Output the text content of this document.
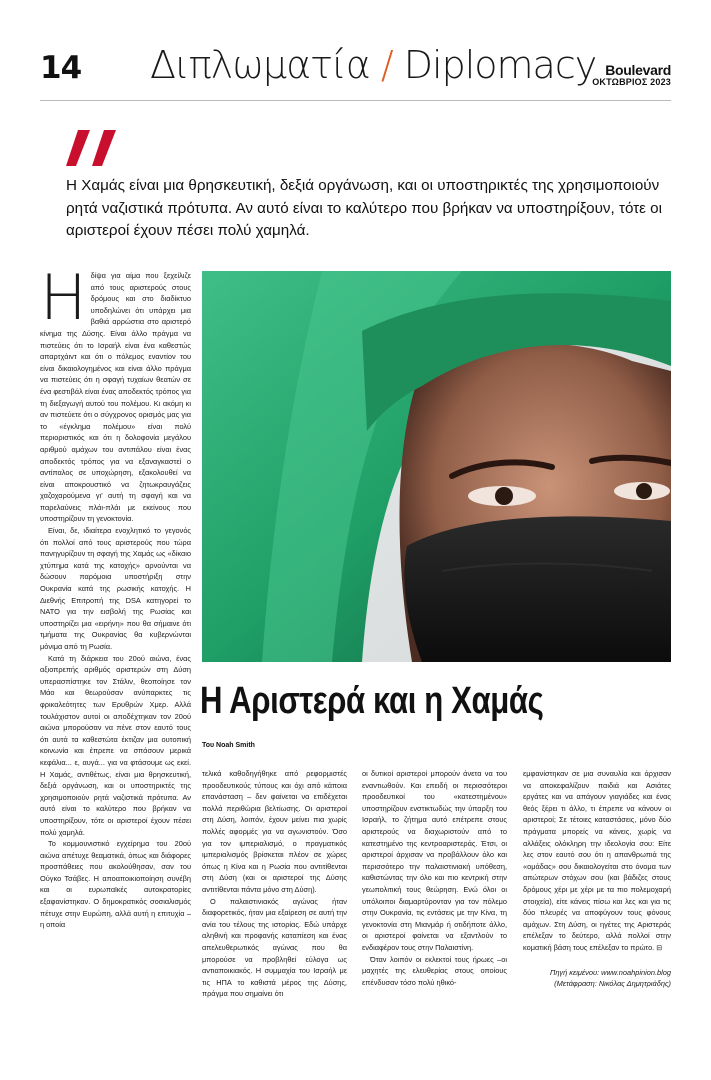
14 Διπλωματία / Diplomacy Boulevard
ΟΚΤΩΒΡΙΟΣ 2023
Η Χαμάς είναι μια θρησκευτική, δεξιά οργάνωση, και οι υποστηρικτές της χρησιμοποιούν ρητά ναζιστικά πρότυπα. Αν αυτό είναι το καλύτερο που βρήκαν να υποστηρίξουν, τότε οι αριστεροί έχουν πέσει πολύ χαμηλά.
Η Αριστερά και η Χαμάς
Του Noah Smith

Ηδίψα για αίμα που ξεχείλιζε από τους αριστερούς στους δρόμους και στο διαδίκτυο υποδηλώνει ότι υπάρχει μια βαθιά αρρώστια στο αριστερό κίνημα της Δύσης. Είναι άλλο πράγμα να πιστεύεις ότι το Ισραήλ είναι ένα καθεστώς απαρτχάιντ και ότι ο πόλεμος εναντίον του είναι δικαιολογημένος και είναι άλλο πράγμα να πιστεύεις ότι η σφαγή τυχαίων θεατών σε ένα φεστιβάλ είναι ένας αποδεκτός τρόπος για τη διεξαγωγή αυτού του πολέμου. Κι ακόμη κι αν πιστεύετε ότι ο σύγχρονος ορισμός μας για το «έγκλημα πολέμου» είναι πολύ περιοριστικός και ότι η δολοφονία μεγάλου αριθμού αμάχων του αντιπάλου είναι ένας αποδεκτός τρόπος για να εξαναγκαστεί ο αντίπαλος σε υποχώρηση, εξακολουθεί να είναι αποκρουστικό να ζητωκραυγάζεις χαζοχαρούμενα γι' αυτή τη σφαγή και να παρελαύνεις πλάι-πλάι με εκείνους που υποστηρίζουν τη γενοκτονία.

Είναι, δε, ιδιαίτερα ενοχλητικό το γεγονός ότι πολλοί από τους αριστερούς που τώρα πανηγυρίζουν τη σφαγή της Χαμάς ως «δίκαιο χτύπημα κατά της κατοχής» αρνούνται να δώσουν παρόμοια υποστήριξη στην Ουκρανία κατά της ρωσικής κατοχής. Η Διεθνής Επιτροπή της DSA κατηγορεί το ΝΑΤΟ για την εισβολή της Ρωσίας και υποστηρίζει μια «ειρήνη» που θα σήμαινε ότι τμήματα της Ουκρανίας θα κυβερνώνται μόνιμα από τη Ρωσία.

Κατά τη διάρκεια του 20ού αιώνα, ένας αξιοπρεπής αριθμός αριστερών στη Δύση υπερασπίστηκε τον Στάλιν, θεοποίησε τον Μάο και θεωρούσαν ανύπαρκτες τις φρικαλεότητες των Ερυθρών Χμερ. Αλλά τουλάχιστον αυτοί οι αποδέχτηκαν τον 20ού αιώνα μπορούσαν να πένε στον εαυτό τους ότι αυτά τα καθεστώτα έκτιζαν μια ουτοπική κοινωνία και έπρεπε να σπάσουν μερικά κεφάλια... ε, αυγά... για να φτάσουμε ως εκεί. Η Χαμάς, αντιθέτως, είναι μια θρησκευτική, δεξιά οργάνωση, και οι υποστηρικτές της χρησιμοποιούν ρητά ναζιστικά πρότυπα. Αν αυτό είναι το καλύτερο που βρήκαν να υποστηρίξουν, τότε οι αριστεροί έχουν πέσει πολύ χαμηλά.

Το κομμουνιστικό εγχείρημα του 20ού αιώνα απέτυχε θεαματικά, όπως και διάφορες προσπάθειες που ακολούθησαν, σαν του Ούγκο Τσάβες. Η αποαποικιοποίηση συνέβη και οι ευρωπαϊκές αυτοκρατορίες εξαφανίστηκαν. Ο δημοκρατικός σοσιαλισμός πέτυχε στην Ευρώπη, αλλά αυτή η επιτυχία – η οποία

τελικά καθοδηγήθηκε από ρεφορμιστές προοδευτικούς τύπους και όχι από κάποια επανάσταση – δεν φαίνεται να επιδέχεται πολλά περιθώρια βελτίωσης. Οι αριστεροί στη Δύση, λοιπόν, έχουν μείνει πια χωρίς πολλές αφορμές για να αγωνιστούν. Όσο για τον ιμπεριαλισμό, ο πραγματικός ιμπεριαλισμός βρίσκεται πλέον σε χώρες όπως η Κίνα και η Ρωσία που αντιτίθενται στη Δύση (και οι αριστεροί της Δύσης αντιτίθενται πάντα μόνο στη Δύση).

Ο παλαιστινιακός αγώνας ήταν διαφορετικός, ήταν μια εξαίρεση σε αυτή την ανία του τέλους της ιστορίας. Εδώ υπάρχε αληθινή και προφανής καταπίεση και ένας απελευθερωτικός αγώνας που θα μπορούσε να προβληθεί εύλογα ως αντιαποικιακός. Η συμμαχία του Ισραήλ με τις ΗΠΑ το καθιστά μέρος της Δύσης, πράγμα που σημαίνει ότι

οι δυτικοί αριστεροί μπορούν άνετα να του εναντιωθούν. Και επειδή οι περισσότεροι προοδευτικοί του «κατεστημένου» υποστηρίζουν ενστικτωδώς την ύπαρξη του Ισραήλ, το ζήτημα αυτό επέτρεπε στους αριστερούς να διαχωριστούν από το κατεστημένο της κεντροαριστεράς. Έτσι, οι αριστεροί άρχισαν να προβάλλουν όλο και περισσότερο την παλαιστινιακή υπόθεση, καθιστώντας την όλο και πιο κεντρική στην γεωπολιτική τους θεώρηση. Ενώ όλοι οι υπόλοιποι διαμαρτύρονταν για τον πόλεμο στην Ουκρανία, τις εντάσεις με την Κίνα, τη γενοκτονία στη Μιανμάρ ή οτιδήποτε άλλο, οι αριστεροί φαίνεται να εξαντλούν το ενδιαφέρον τους στην Παλαιστίνη.

Όταν λοιπόν οι εκλεκτοί τους ήρωες –οι μαχητές της ελευθερίας στους οποίους επένδυσαν τόσο πολύ ηθικό-

εμφανίστηκαν σε μια συναυλία και άρχισαν να αποκεφαλίζουν παιδιά και Ασιάτες εργάτες και να απάγουν γιαγιάδες και ένας θεός ξέρει τι άλλο, τι έπρεπε να κάνουν οι αριστεροί; Σε τέτοιες καταστάσεις, μόνο δύο πράγματα μπορείς να κάνεις, χωρίς να αλλάξεις ολόκληρη την ιδεολογία σου: Είτε λες στον εαυτό σου ότι η απανθρωπιά της «ομάδας» σου δικαιολογείται στο όνομα των απώτερων στόχων σου (και βάδιζες στους δρόμους χέρι με χέρι με τα πιο πολεμοχαρή στοιχεία), είτε κάνεις πίσω και λες και για τις δύο πλευρές να αποφύγουν τους φόνους αμάχων. Στη Δύση, οι ηγέτες της Αριστεράς επέλεξαν το δεύτερο, αλλά πολλοί στην κοματική βάση τους επέλεξαν το πρώτο. ⊟

Πηγή κειμένου: www.noahpinion.blog
(Μετάφραση: Νικόλας Δημητριάδης)
